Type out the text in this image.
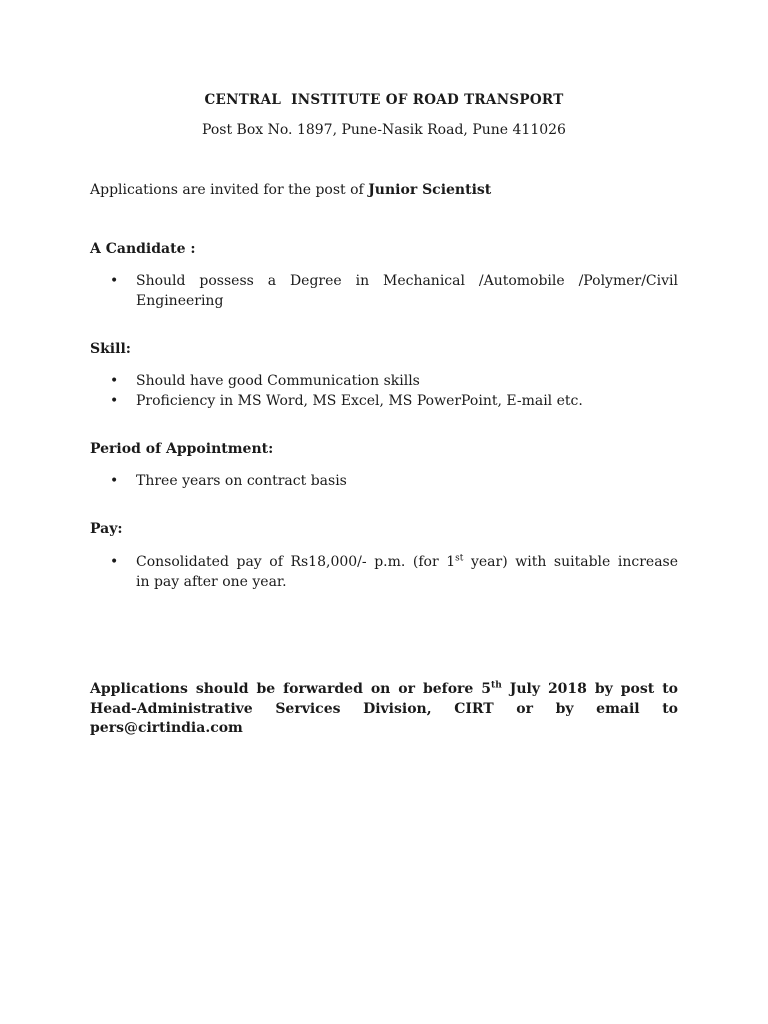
CENTRAL  INSTITUTE OF ROAD TRANSPORT
Post Box No. 1897, Pune-Nasik Road, Pune 411026
Applications are invited for the post of Junior Scientist
A Candidate :
• Should possess a Degree in Mechanical /Automobile /Polymer/Civil
Engineering
Skill:
• Should have good Communication skills
• Proficiency in MS Word, MS Excel, MS PowerPoint, E-mail etc.
Period of Appointment:
• Three years on contract basis
Pay:
• Consolidated pay of Rs18,000/- p.m. (for 1st year) with suitable increase
in pay after one year.
Applications should be forwarded on or before 5th July 2018 by post to
Head-Administrative Services Division, CIRT or by email to
pers@cirtindia.com
